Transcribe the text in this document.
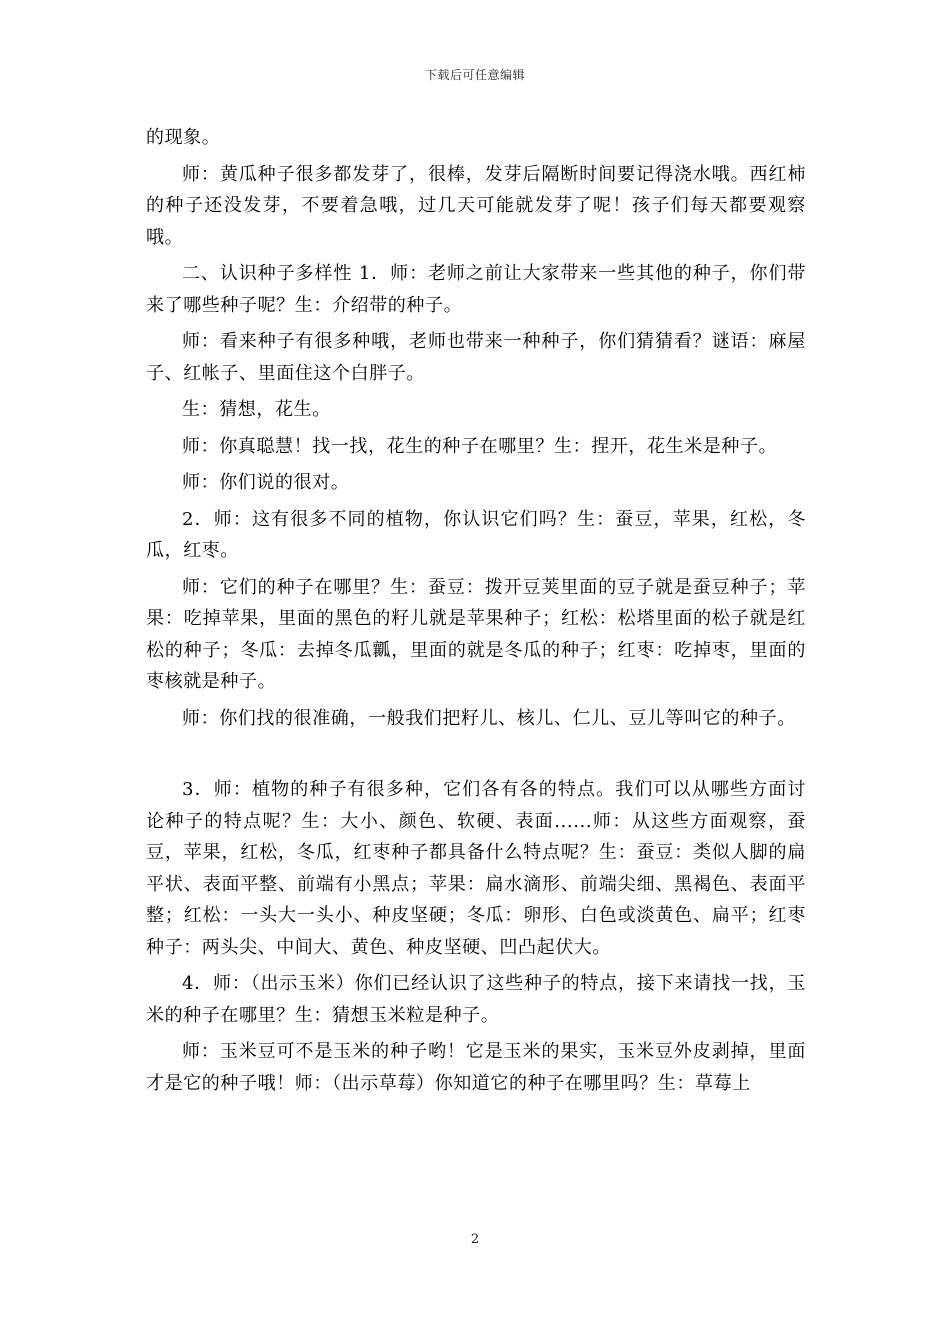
下载后可任意编辑

的现象。

师：黄瓜种子很多都发芽了，很棒，发芽后隔断时间要记得浇水哦。西红柿的种子还没发芽，不要着急哦，过几天可能就发芽了呢！孩子们每天都要观察哦。

二、认识种子多样性 1．师：老师之前让大家带来一些其他的种子，你们带来了哪些种子呢？生：介绍带的种子。

师：看来种子有很多种哦，老师也带来一种种子，你们猜猜看？谜语：麻屋子、红帐子、里面住这个白胖子。

生：猜想，花生。

师：你真聪慧！找一找，花生的种子在哪里？生：捏开，花生米是种子。

师：你们说的很对。

2．师：这有很多不同的植物，你认识它们吗？生：蚕豆，苹果，红松，冬瓜，红枣。

师：它们的种子在哪里？生：蚕豆：拨开豆荚里面的豆子就是蚕豆种子；苹果：吃掉苹果，里面的黑色的籽儿就是苹果种子；红松：松塔里面的松子就是红松的种子；冬瓜：去掉冬瓜瓤，里面的就是冬瓜的种子；红枣：吃掉枣，里面的枣核就是种子。

师：你们找的很准确，一般我们把籽儿、核儿、仁儿、豆儿等叫它的种子。

3．师：植物的种子有很多种，它们各有各的特点。我们可以从哪些方面讨论种子的特点呢？生：大小、颜色、软硬、表面......师：从这些方面观察，蚕豆，苹果，红松，冬瓜，红枣种子都具备什么特点呢？生：蚕豆：类似人脚的扁平状、表面平整、前端有小黑点；苹果：扁水滴形、前端尖细、黑褐色、表面平整；红松：一头大一头小、种皮坚硬；冬瓜：卵形、白色或淡黄色、扁平；红枣种子：两头尖、中间大、黄色、种皮坚硬、凹凸起伏大。

4．师：（出示玉米）你们已经认识了这些种子的特点，接下来请找一找，玉米的种子在哪里？生：猜想玉米粒是种子。

师：玉米豆可不是玉米的种子哟！它是玉米的果实，玉米豆外皮剥掉，里面才是它的种子哦！师：（出示草莓）你知道它的种子在哪里吗？生：草莓上

2
